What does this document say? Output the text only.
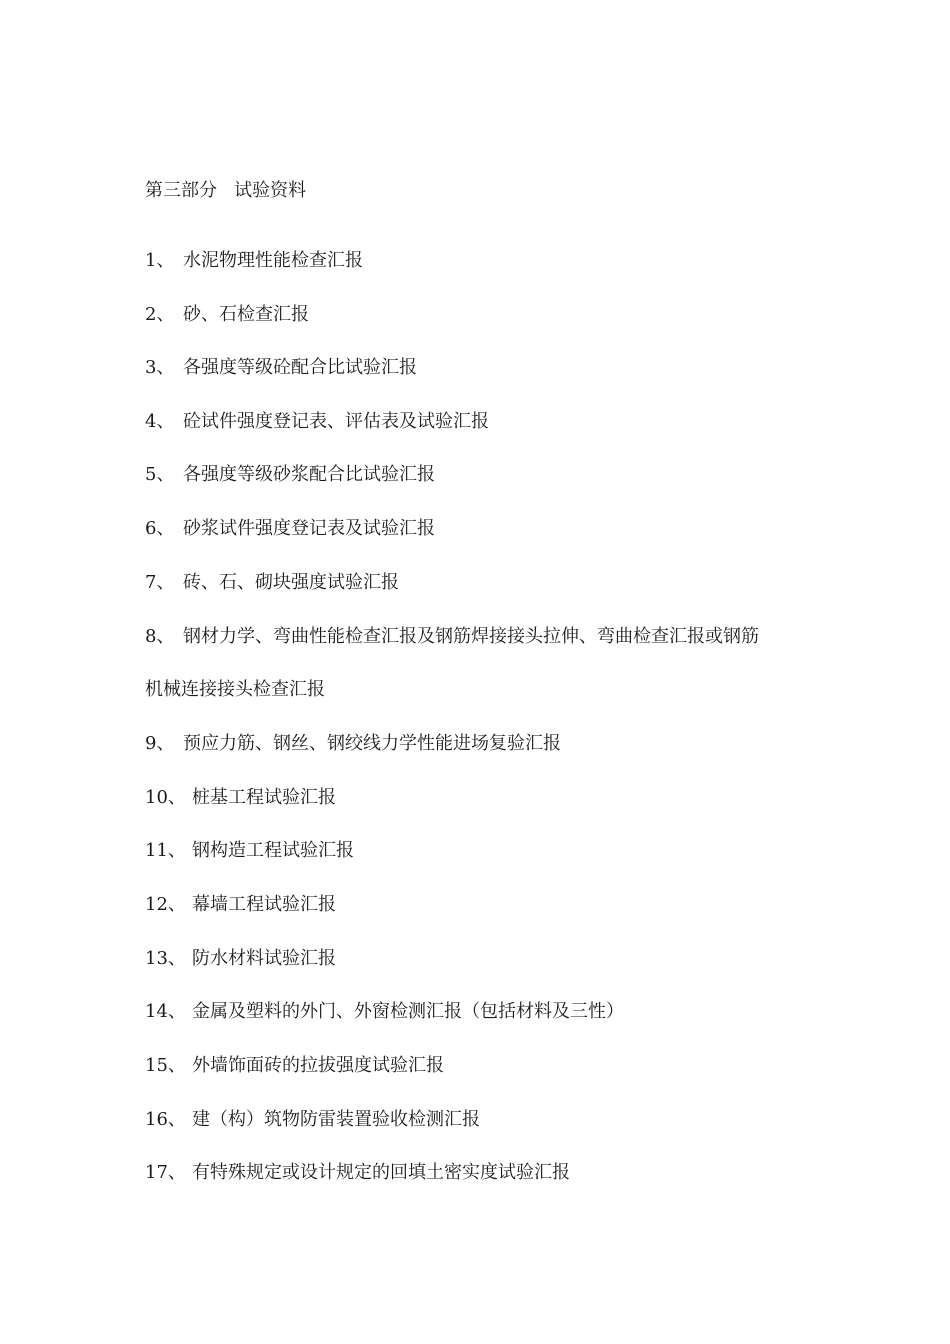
第三部分   试验资料
1、 水泥物理性能检查汇报
2、 砂、石检查汇报
3、 各强度等级砼配合比试验汇报
4、 砼试件强度登记表、评估表及试验汇报
5、 各强度等级砂浆配合比试验汇报
6、 砂浆试件强度登记表及试验汇报
7、 砖、石、砌块强度试验汇报
8、 钢材力学、弯曲性能检查汇报及钢筋焊接接头拉伸、弯曲检查汇报或钢筋
机械连接接头检查汇报
9、 预应力筋、钢丝、钢绞线力学性能进场复验汇报
10、 桩基工程试验汇报
11、 钢构造工程试验汇报
12、 幕墙工程试验汇报
13、 防水材料试验汇报
14、 金属及塑料的外门、外窗检测汇报（包括材料及三性）
15、 外墙饰面砖的拉拔强度试验汇报
16、 建（构）筑物防雷装置验收检测汇报
17、 有特殊规定或设计规定的回填土密实度试验汇报
